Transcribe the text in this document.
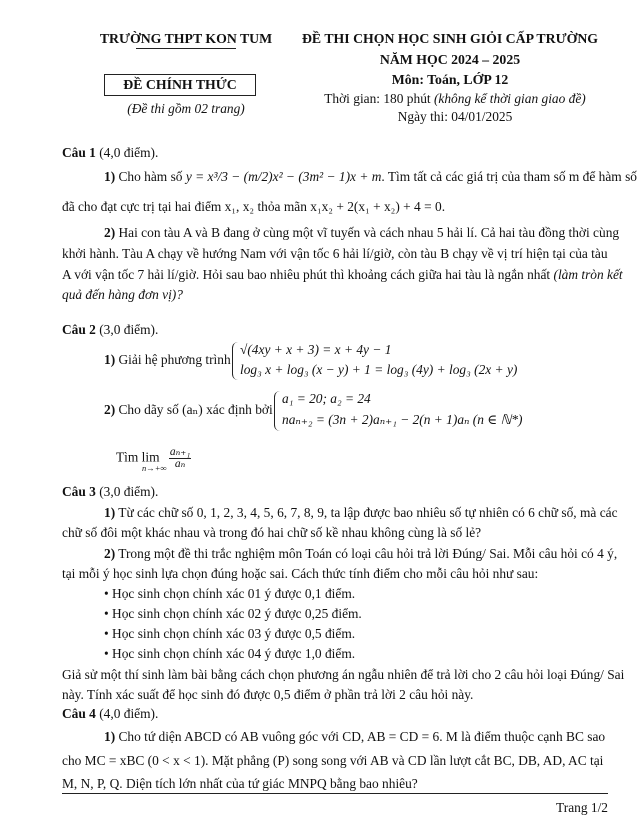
TRƯỜNG THPT KON TUM
ĐỀ CHÍNH THỨC
(Đề thi gồm 02 trang)
ĐỀ THI CHỌN HỌC SINH GIỎI CẤP TRƯỜNG
NĂM HỌC 2024 – 2025
Môn: Toán, LỚP 12
Thời gian: 180 phút (không kể thời gian giao đề)
Ngày thi: 04/01/2025
Câu 1 (4,0 điểm).
1) Cho hàm số y = x³/3 − (m/2)x² − (3m² − 1)x + m. Tìm tất cả các giá trị của tham số m để hàm số
đã cho đạt cực trị tại hai điểm x₁, x₂ thỏa mãn x₁x₂ + 2(x₁ + x₂) + 4 = 0.
2) Hai con tàu A và B đang ở cùng một vĩ tuyến và cách nhau 5 hải lí. Cả hai tàu đồng thời cùng
khởi hành. Tàu A chạy về hướng Nam với vận tốc 6 hải lí/giờ, còn tàu B chạy về vị trí hiện tại của tàu
A với vận tốc 7 hải lí/giờ. Hỏi sau bao nhiêu phút thì khoảng cách giữa hai tàu là ngắn nhất (làm tròn kết
quả đến hàng đơn vị)?
Câu 2 (3,0 điểm).
1) Giải hệ phương trình
√(4xy + x + 3) = x + 4y − 1
log₃ x + log₃ (x − y) + 1 = log₃ (4y) + log₃ (2x + y)
2) Cho dãy số (aₙ) xác định bởi
a₁ = 20; a₂ = 24
naₙ₊₂ = (3n + 2)aₙ₊₁ − 2(n + 1)aₙ (n ∈ ℕ*)
Tìm $\lim \frac{\text{aₙ₊₁}}{\text{aₙ}}$
n→+∞
Câu 3 (3,0 điểm).
1) Từ các chữ số 0, 1, 2, 3, 4, 5, 6, 7, 8, 9, ta lập được bao nhiêu số tự nhiên có 6 chữ số, mà các
chữ số đôi một khác nhau và trong đó hai chữ số kề nhau không cùng là số lẻ?
2) Trong một đề thi trắc nghiệm môn Toán có loại câu hỏi trả lời Đúng/ Sai. Mỗi câu hỏi có 4 ý,
tại mỗi ý học sinh lựa chọn đúng hoặc sai. Cách thức tính điểm cho mỗi câu hỏi như sau:
• Học sinh chọn chính xác 01 ý được 0,1 điểm.
• Học sinh chọn chính xác 02 ý được 0,25 điểm.
• Học sinh chọn chính xác 03 ý được 0,5 điểm.
• Học sinh chọn chính xác 04 ý được 1,0 điểm.
Giả sử một thí sinh làm bài bằng cách chọn phương án ngẫu nhiên để trả lời cho 2 câu hỏi loại Đúng/ Sai
này. Tính xác suất để học sinh đó được 0,5 điểm ở phần trả lời 2 câu hỏi này.
Câu 4 (4,0 điểm).
1) Cho tứ diện ABCD có AB vuông góc với CD, AB = CD = 6. M là điểm thuộc cạnh BC sao
cho MC = xBC (0 < x < 1). Mặt phẳng (P) song song với AB và CD lần lượt cắt BC, DB, AD, AC tại
M, N, P, Q. Diện tích lớn nhất của tứ giác MNPQ bằng bao nhiêu?
Trang 1/2
